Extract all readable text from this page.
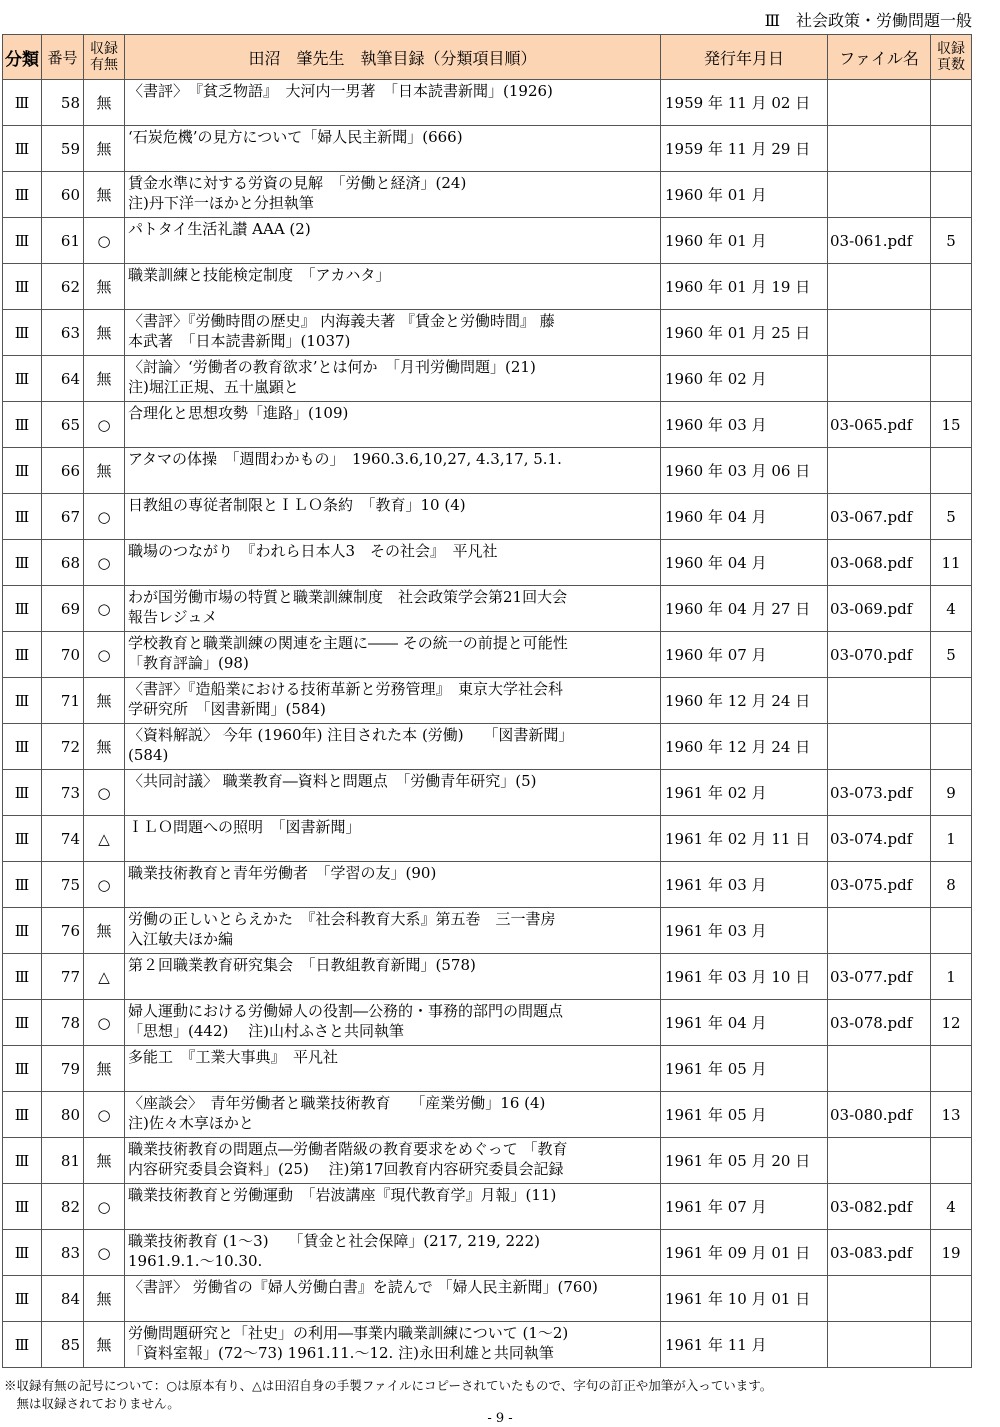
Ⅲ　社会政策・労働問題一般
分類	番号	収録
有無	田沼　肇先生　執筆目録（分類項目順）	発行年月日	ファイル名	収録
頁数
Ⅲ	58	無	〈書評〉　『貧乏物語』　大河内一男著　「日本読書新聞」(1926)	1959 年 11 月 02 日		
Ⅲ	59	無	‘石炭危機’の見方について「婦人民主新聞」(666)	1959 年 11 月 29 日		
Ⅲ	60	無	賃金水準に対する労資の見解　「労働と経済」(24)
注)丹下洋一ほかと分担執筆	1960 年 01 月		
Ⅲ	61	○	パトタイ生活礼讃 AAA (2)	1960 年 01 月	03-061.pdf	5
Ⅲ	62	無	職業訓練と技能検定制度　「アカハタ」	1960 年 01 月 19 日		
Ⅲ	63	無	〈書評〉『労働時間の歴史』 内海義夫著 『賃金と労働時間』 藤
本武著　「日本読書新聞」(1037)	1960 年 01 月 25 日		
Ⅲ	64	無	〈討論〉‘労働者の教育欲求’とは何か　「月刊労働問題」(21)
注)堀江正規、五十嵐顕と	1960 年 02 月		
Ⅲ	65	○	合理化と思想攻勢「進路」(109)	1960 年 03 月	03-065.pdf	15
Ⅲ	66	無	アタマの体操　「週間わかもの」　1960.3.6,10,27, 4.3,17, 5.1.	1960 年 03 月 06 日		
Ⅲ	67	○	日教組の専従者制限とＩＬＯ条約　「教育」10 (4)	1960 年 04 月	03-067.pdf	5
Ⅲ	68	○	職場のつながり　『われら日本人3　その社会』　平凡社	1960 年 04 月	03-068.pdf	11
Ⅲ	69	○	わが国労働市場の特質と職業訓練制度　社会政策学会第21回大会
報告レジュメ	1960 年 04 月 27 日	03-069.pdf	4
Ⅲ	70	○	学校教育と職業訓練の関連を主題に―― その統一の前提と可能性
「教育評論」(98)	1960 年 07 月	03-070.pdf	5
Ⅲ	71	無	〈書評〉『造船業における技術革新と労務管理』　東京大学社会科
学研究所　「図書新聞」(584)	1960 年 12 月 24 日		
Ⅲ	72	無	〈資料解説〉 今年 (1960年) 注目された本 (労働)　 「図書新聞」
(584)	1960 年 12 月 24 日		
Ⅲ	73	○	〈共同討議〉 職業教育―資料と問題点　「労働青年研究」(5)	1961 年 02 月	03-073.pdf	9
Ⅲ	74	△	ＩＬＯ問題への照明　「図書新聞」	1961 年 02 月 11 日	03-074.pdf	1
Ⅲ	75	○	職業技術教育と青年労働者　「学習の友」(90)	1961 年 03 月	03-075.pdf	8
Ⅲ	76	無	労働の正しいとらえかた　『社会科教育大系』第五巻　三一書房
入江敏夫ほか編	1961 年 03 月		
Ⅲ	77	△	第２回職業教育研究集会　「日教組教育新聞」(578)	1961 年 03 月 10 日	03-077.pdf	1
Ⅲ	78	○	婦人運動における労働婦人の役割―公務的・事務的部門の問題点
「思想」(442)　 注)山村ふさと共同執筆	1961 年 04 月	03-078.pdf	12
Ⅲ	79	無	多能工　『工業大事典』　平凡社	1961 年 05 月		
Ⅲ	80	○	〈座談会〉　青年労働者と職業技術教育　 「産業労働」16 (4)
注)佐々木享ほかと	1961 年 05 月	03-080.pdf	13
Ⅲ	81	無	職業技術教育の問題点―労働者階級の教育要求をめぐって 「教育
内容研究委員会資料」(25)　 注)第17回教育内容研究委員会記録	1961 年 05 月 20 日		
Ⅲ	82	○	職業技術教育と労働運動　「岩波講座『現代教育学』月報」(11)	1961 年 07 月	03-082.pdf	4
Ⅲ	83	○	職業技術教育 (1～3)　 「賃金と社会保障」(217, 219, 222)
1961.9.1.～10.30.	1961 年 09 月 01 日	03-083.pdf	19
Ⅲ	84	無	〈書評〉 労働省の『婦人労働白書』を読んで 「婦人民主新聞」(760)	1961 年 10 月 01 日		
Ⅲ	85	無	労働問題研究と「社史」の利用―事業内職業訓練について (1～2)
「資料室報」(72～73) 1961.11.～12. 注)永田利雄と共同執筆	1961 年 11 月		
※収録有無の記号について：○は原本有り、△は田沼自身の手製ファイルにコピーされていたもので、字句の訂正や加筆が入っています。
　無は収録されておりません。
- 9 -
